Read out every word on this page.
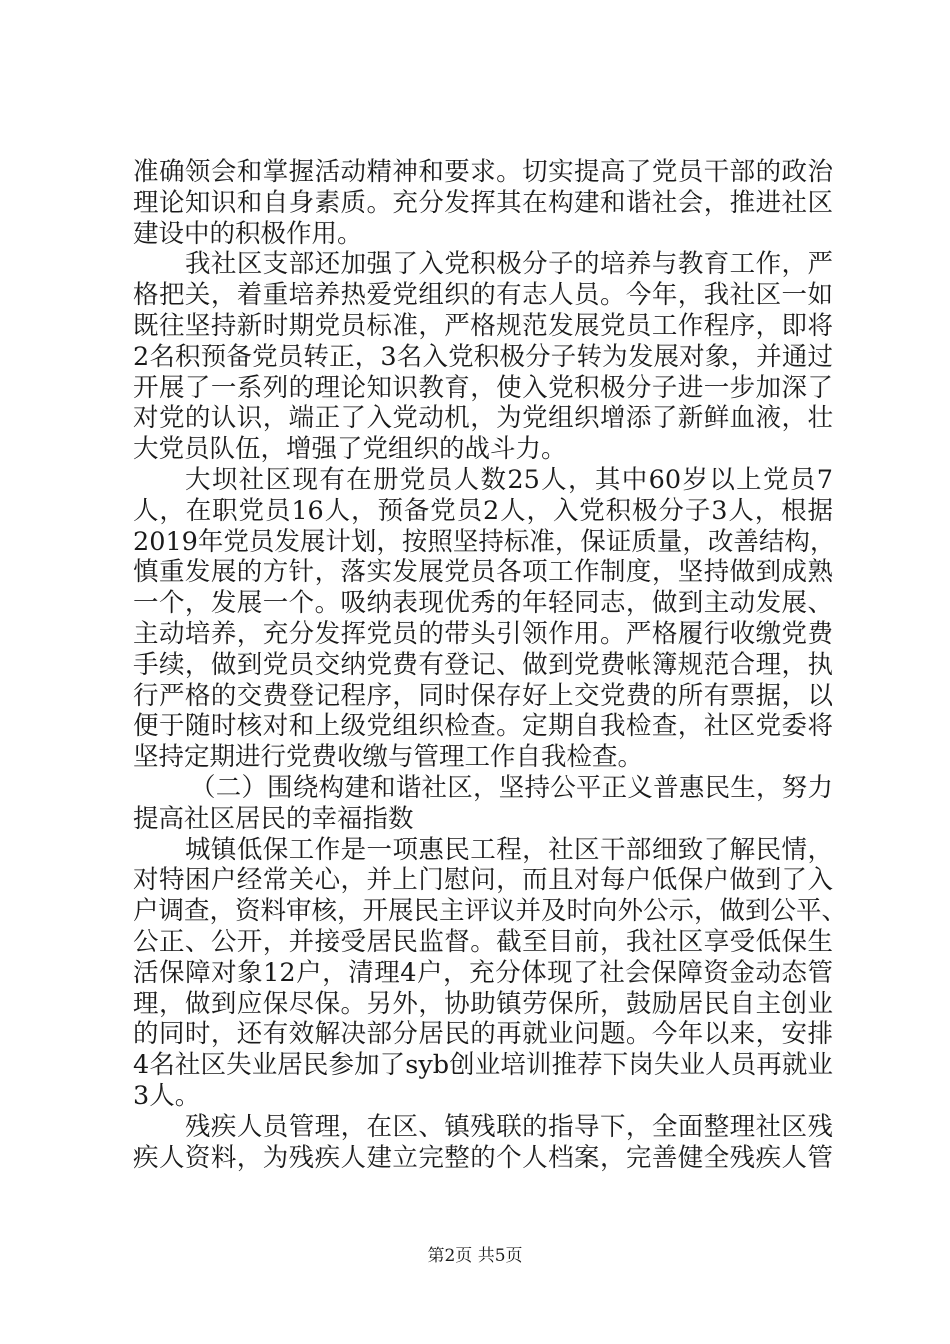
准确领会和掌握活动精神和要求。切实提高了党员干部的政治
理论知识和自身素质。充分发挥其在构建和谐社会，推进社区
建设中的积极作用。
我社区支部还加强了入党积极分子的培养与教育工作，严
格把关，着重培养热爱党组织的有志人员。今年，我社区一如
既往坚持新时期党员标准，严格规范发展党员工作程序，即将
2名积预备党员转正，3名入党积极分子转为发展对象，并通过
开展了一系列的理论知识教育，使入党积极分子进一步加深了
对党的认识，端正了入党动机，为党组织增添了新鲜血液，壮
大党员队伍，增强了党组织的战斗力。
大坝社区现有在册党员人数25人，其中60岁以上党员7
人，在职党员16人，预备党员2人，入党积极分子3人，根据
2019年党员发展计划，按照坚持标准，保证质量，改善结构，
慎重发展的方针，落实发展党员各项工作制度，坚持做到成熟
一个，发展一个。吸纳表现优秀的年轻同志，做到主动发展、
主动培养，充分发挥党员的带头引领作用。严格履行收缴党费
手续，做到党员交纳党费有登记、做到党费帐簿规范合理，执
行严格的交费登记程序，同时保存好上交党费的所有票据，以
便于随时核对和上级党组织检查。定期自我检查，社区党委将
坚持定期进行党费收缴与管理工作自我检查。
（二）围绕构建和谐社区，坚持公平正义普惠民生，努力
提高社区居民的幸福指数
城镇低保工作是一项惠民工程，社区干部细致了解民情，
对特困户经常关心，并上门慰问，而且对每户低保户做到了入
户调查，资料审核，开展民主评议并及时向外公示，做到公平、
公正、公开，并接受居民监督。截至目前，我社区享受低保生
活保障对象12户，清理4户，充分体现了社会保障资金动态管
理，做到应保尽保。另外，协助镇劳保所，鼓励居民自主创业
的同时，还有效解决部分居民的再就业问题。今年以来，安排
4名社区失业居民参加了syb创业培训推荐下岗失业人员再就业
3人。
残疾人员管理，在区、镇残联的指导下，全面整理社区残
疾人资料，为残疾人建立完整的个人档案，完善健全残疾人管
第2页 共5页
